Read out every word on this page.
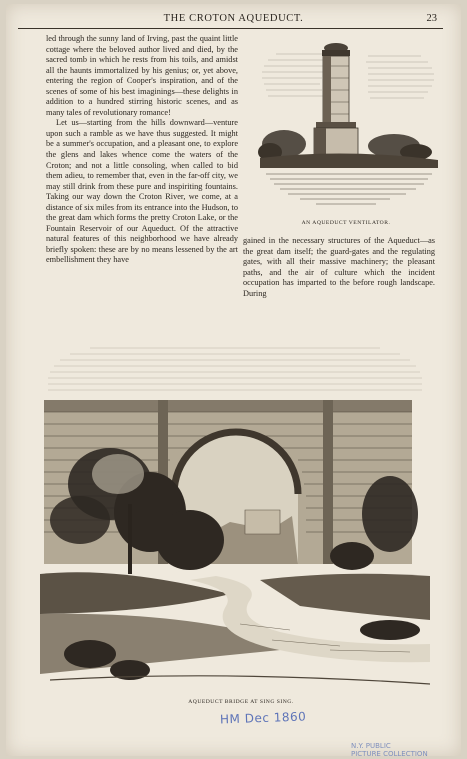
THE CROTON AQUEDUCT.	23

led through the sunny land of Irving, past the quaint little cottage where the beloved author lived and died, by the sacred tomb in which he rests from his toils, and amidst all the haunts immortalized by his genius; or, yet above, entering the region of Cooper's inspiration, and of the scenes of some of his best imaginings—these delights in addition to a hundred stirring historic scenes, and as many tales of revolutionary romance!

Let us—starting from the hills downward—venture upon such a ramble as we have thus suggested. It might be a summer's occupation, and a pleasant one, to explore the glens and lakes whence come the waters of the Croton; and not a little consoling, when called to bid them adieu, to remember that, even in the far-off city, we may still drink from these pure and inspiriting fountains. Taking our way down the Croton River, we come, at a distance of six miles from its entrance into the Hudson, to the great dam which forms the pretty Croton Lake, or the Fountain Reservoir of our Aqueduct. Of the attractive natural features of this neighborhood we have already briefly spoken: these are by no means lessened by the art embellishment they have

AN AQUEDUCT VENTILATOR.

gained in the necessary structures of the Aqueduct—as the great dam itself; the guard-gates and the regulating gates, with all their massive machinery; the pleasant paths, and the air of culture which the incident occupation has imparted to the before rough landscape. During

AQUEDUCT BRIDGE AT SING SING.
HM Dec 1860
N.Y. PUBLIC
PICTURE COLLECTION
